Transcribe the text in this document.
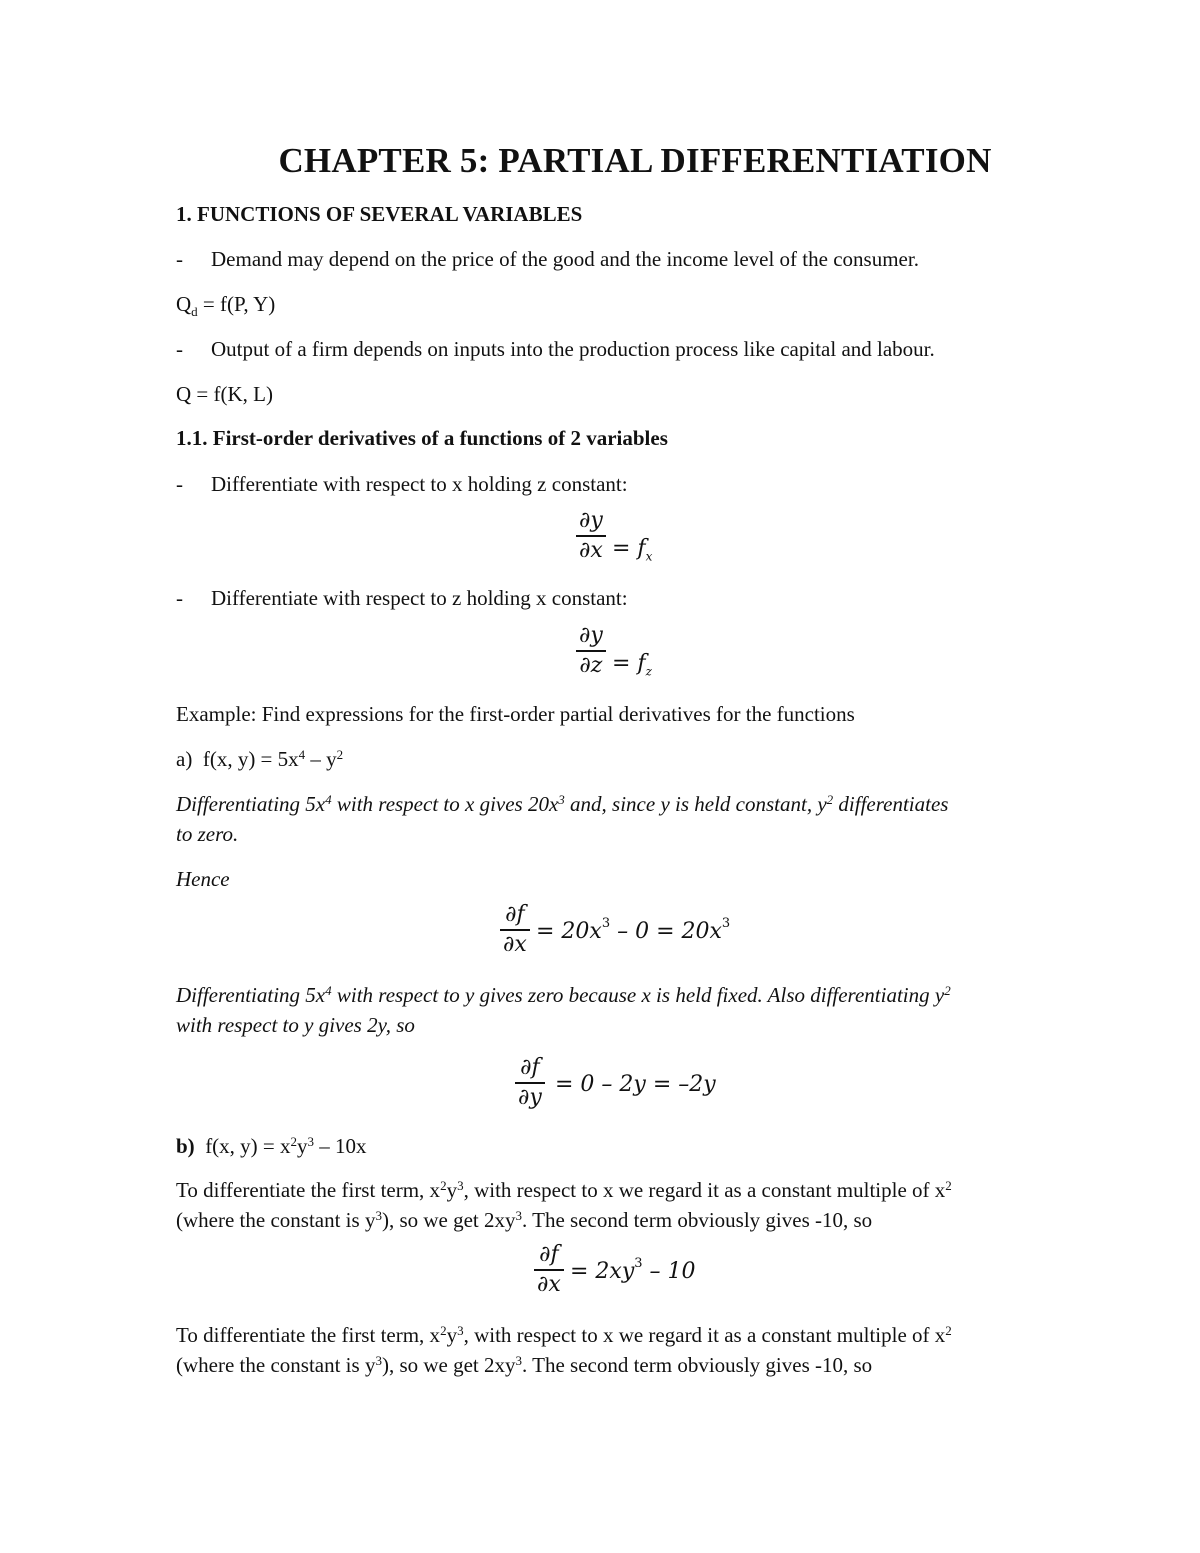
CHAPTER 5: PARTIAL DIFFERENTIATION
1. FUNCTIONS OF SEVERAL VARIABLES
- Demand may depend on the price of the good and the income level of the consumer.
$Q_d = f(P$, Y)
- Output of a firm depends on inputs into the production process like capital and labour.
Q = f(K, L)
1.1. First-order derivatives of a functions of 2 variables
- Differentiate with respect to x holding z constant:
∂y
$\partial x = f_x$
- Differentiate with respect to z holding x constant:
∂y
$\partial z = f_z$
Example: Find expressions for the first-order partial derivatives for the functions
a) f(x, $y) = 5x^4 - y^2$
Differentiating $5x^4$ with respect to x gives $20x^3$ and, since y is held constant, $y^2$ differentiates
to zero.
Hence
∂f
∂x
= $20x^3 - 0 = 20x^3$
Differentiating $5x^4$ with respect to y gives zero because x is held fixed. Also differentiating $y^2$
with respect to y gives 2y, so
∂f
∂y
= 0 – 2y = –2y
b) f(x, $y) = x^2y^3 - 10x$
To differentiate the first term, $x^2y^3$, with respect to x we regard it as a constant multiple of $x^2$
(where the constant is $y^3$), so we get $2xy^3$. The second term obviously gives -10, so
∂f
∂x
= $2xy^3 - 10$
To differentiate the first term, $x^2y^3$, with respect to x we regard it as a constant multiple of $x^2$
(where the constant is $y^3$), so we get $2xy^3$. The second term obviously gives -10, so
